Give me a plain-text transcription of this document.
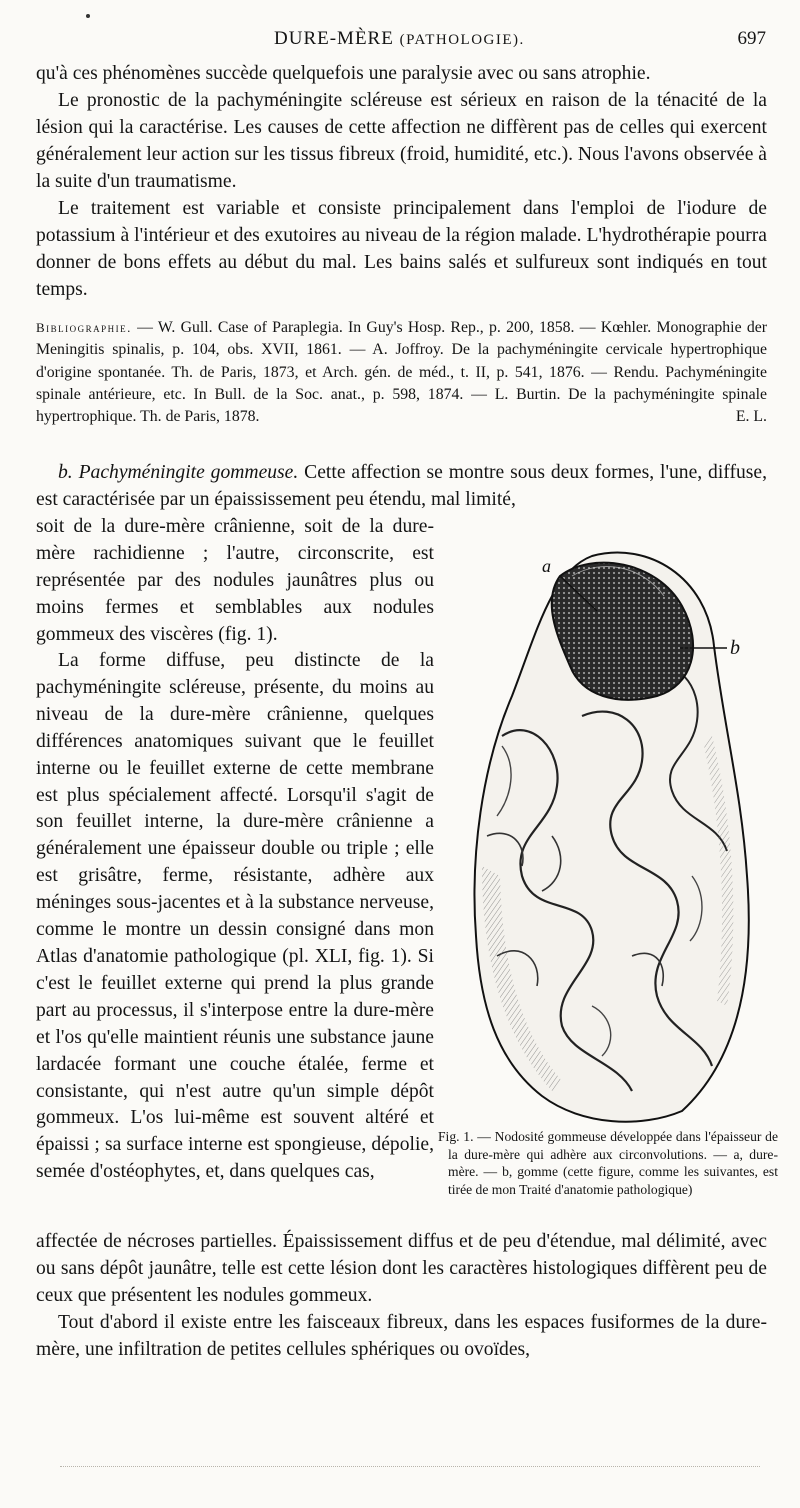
DURE-MÈRE (PATHOLOGIE).	697

qu'à ces phénomènes succède quelquefois une paralysie avec ou sans atrophie.

Le pronostic de la pachyméningite scléreuse est sérieux en raison de la ténacité de la lésion qui la caractérise. Les causes de cette affection ne diffèrent pas de celles qui exercent généralement leur action sur les tissus fibreux (froid, humidité, etc.). Nous l'avons observée à la suite d'un traumatisme.

Le traitement est variable et consiste principalement dans l'emploi de l'iodure de potassium à l'intérieur et des exutoires au niveau de la région malade. L'hydrothérapie pourra donner de bons effets au début du mal. Les bains salés et sulfureux sont indiqués en tout temps.

Bibliographie. — W. Gull. Case of Paraplegia. In Guy's Hosp. Rep., p. 200, 1858. — Kœhler. Monographie der Meningitis spinalis, p. 104, obs. XVII, 1861. — A. Joffroy. De la pachyméningite cervicale hypertrophique d'origine spontanée. Th. de Paris, 1873, et Arch. gén. de méd., t. II, p. 541, 1876. — Rendu. Pachyméningite spinale antérieure, etc. In Bull. de la Soc. anat., p. 598, 1874. — L. Burtin. De la pachyméningite spinale hypertrophique. Th. de Paris, 1878.	E. L.

b. Pachyméningite gommeuse. Cette affection se montre sous deux formes, l'une, diffuse, est caractérisée par un épaississement peu étendu, mal limité,

soit de la dure-mère crânienne, soit de la dure-mère rachidienne ; l'autre, circonscrite, est représentée par des nodules jaunâtres plus ou moins fermes et semblables aux nodules gommeux des viscères (fig. 1).

La forme diffuse, peu distincte de la pachyméningite scléreuse, présente, du moins au niveau de la dure-mère crânienne, quelques différences anatomiques suivant que le feuillet interne ou le feuillet externe de cette membrane est plus spécialement affecté. Lorsqu'il s'agit de son feuillet interne, la dure-mère crânienne a généralement une épaisseur double ou triple ; elle est grisâtre, ferme, résistante, adhère aux méninges sous-jacentes et à la substance nerveuse, comme le montre un dessin consigné dans mon Atlas d'anatomie pathologique (pl. XLI, fig. 1). Si c'est le feuillet externe qui prend la plus grande part au processus, il s'interpose entre la dure-mère et l'os qu'elle maintient réunis une substance jaune lardacée formant une couche étalée, ferme et consistante, qui n'est autre qu'un simple dépôt gommeux. L'os lui-même est souvent altéré et épaissi ; sa surface interne est spongieuse, dépolie, semée d'ostéophytes, et, dans quelques cas,

affectée de nécroses partielles. Épaississement diffus et de peu d'étendue, mal délimité, avec ou sans dépôt jaunâtre, telle est cette lésion dont les caractères histologiques diffèrent peu de ceux que présentent les nodules gommeux.

Tout d'abord il existe entre les faisceaux fibreux, dans les espaces fusiformes de la dure-mère, une infiltration de petites cellules sphériques ou ovoïdes,

a
b

Fig. 1. — Nodosité gommeuse développée dans l'épaisseur de la dure-mère qui adhère aux circonvolutions. — a, dure-mère. — b, gomme (cette figure, comme les suivantes, est tirée de mon Traité d'anatomie pathologique)
